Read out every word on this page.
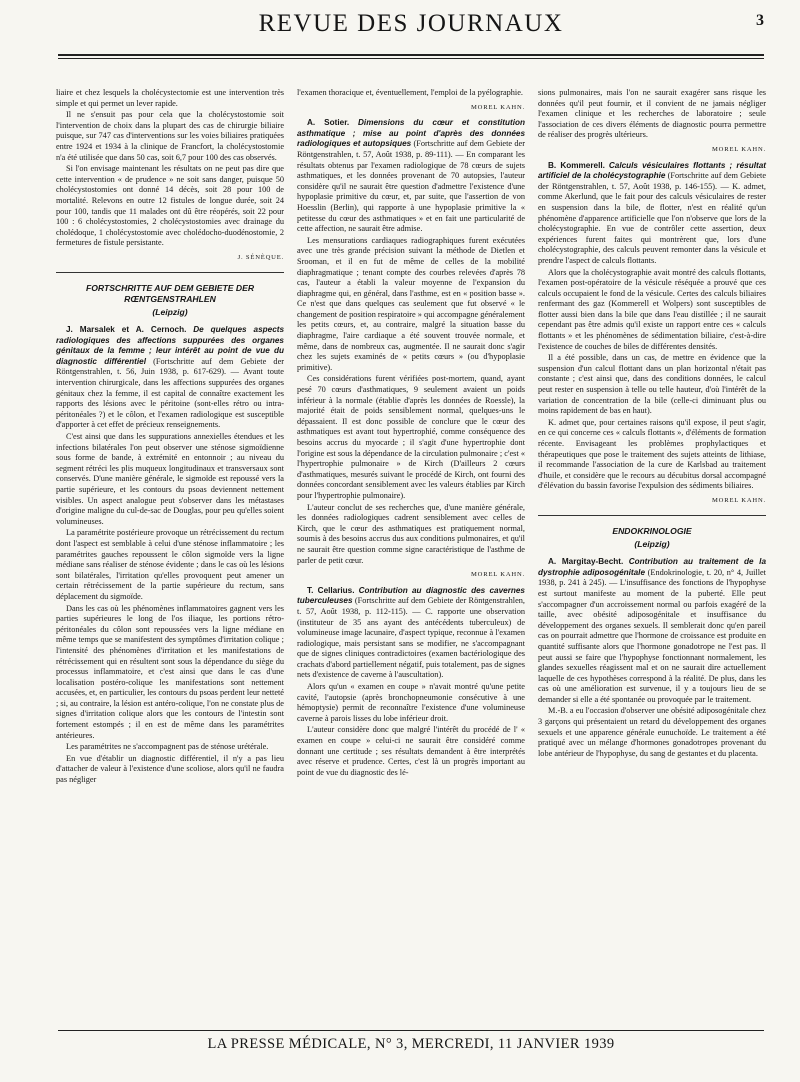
REVUE DES JOURNAUX	3

liaire et chez lesquels la cholécystectomie est une intervention très simple et qui permet un lever rapide.

Il ne s'ensuit pas pour cela que la cholécystostomie soit l'intervention de choix dans la plupart des cas de chirurgie biliaire puisque, sur 747 cas d'interventions sur les voies biliaires pratiquées entre 1924 et 1934 à la clinique de Francfort, la cholécystostomie n'a été utilisée que dans 50 cas, soit 6,7 pour 100 des cas observés.

Si l'on envisage maintenant les résultats on ne peut pas dire que cette intervention « de prudence » ne soit sans danger, puisque 50 cholécystostomies ont donné 14 décès, soit 28 pour 100 de mortalité. Relevons en outre 12 fistules de longue durée, soit 24 pour 100, tandis que 11 malades ont dû être réopérés, soit 22 pour 100 : 6 cholécystostomies, 2 cholécystostomies avec drainage du cholédoque, 1 cholécystostomie avec cholédocho-duodénostomie, 2 fermetures de fistule persistante.

J. SÉNÈQUE.
FORTSCHRITTE AUF DEM GEBIETE DER RŒNTGENSTRAHLEN
(Leipzig)

J. Marsalek et A. Cernoch. De quelques aspects radiologiques des affections suppurées des organes génitaux de la femme ; leur intérêt au point de vue du diagnostic différentiel (Fortschritte auf dem Gebiete der Röntgenstrahlen, t. 56, Juin 1938, p. 617-629). — Avant toute intervention chirurgicale, dans les affections suppurées des organes génitaux chez la femme, il est capital de connaître exactement les rapports des lésions avec le péritoine (sont-elles rétro ou intra-péritonéales ?) et le côlon, et l'examen radiologique est susceptible d'apporter à cet effet de précieux renseignements.

C'est ainsi que dans les suppurations annexielles étendues et les infections bilatérales l'on peut observer une sténose sigmoïdienne sous forme de bande, à extrémité en entonnoir ; au niveau du segment rétréci les plis muqueux longitudinaux et transversaux sont conservés. D'une manière générale, le sigmoïde est repoussé vers la partie supérieure, et les contours du psoas deviennent nettement visibles. Un aspect analogue peut s'observer dans les métastases d'origine maligne du cul-de-sac de Douglas, pour peu qu'elles soient volumineuses.

La paramétrite postérieure provoque un rétrécissement du rectum dont l'aspect est semblable à celui d'une sténose inflammatoire ; les paramétrites gauches repoussent le côlon sigmoïde vers la ligne médiane sans réaliser de sténose évidente ; dans le cas où les lésions sont bilatérales, l'irritation qu'elles provoquent peut amener un certain rétrécissement de la partie supérieure du rectum, sans déplacement du sigmoïde.

Dans les cas où les phénomènes inflammatoires gagnent vers les parties supérieures le long de l'os iliaque, les portions rétro-péritonéales du côlon sont repoussées vers la ligne médiane en même temps que se manifestent des symptômes d'irritation colique ; l'intensité des phénomènes d'irritation et les manifestations de rétrécissement qui en résultent sont sous la dépendance du siège du processus inflammatoire, et c'est ainsi que dans le cas d'une localisation postéro-colique les manifestations sont nettement accusées, et, en particulier, les contours du psoas perdent leur netteté ; si, au contraire, la lésion est antéro-colique, l'on ne constate plus de signes d'irritation colique alors que les contours de l'intestin sont fortement estompés ; il en est de même dans les paramétrites antérieures.

Les paramétrites ne s'accompagnent pas de sténose urétérale.

En vue d'établir un diagnostic différentiel, il n'y a pas lieu d'attacher de valeur à l'existence d'une scoliose, alors qu'il ne faudra pas négliger

l'examen thoracique et, éventuellement, l'emploi de la pyélographie.

MOREL KAHN.

A. Sotier. Dimensions du cœur et constitution asthmatique ; mise au point d'après des données radiologiques et autopsiques (Fortschritte auf dem Gebiete der Röntgenstrahlen, t. 57, Août 1938, p. 89-111). — En comparant les résultats obtenus par l'examen radiologique de 78 cœurs de sujets asthmatiques, et les données provenant de 70 autopsies, l'auteur considère qu'il ne saurait être question d'admettre l'existence d'une hypoplasie primitive du cœur, et, par suite, que l'assertion de von Hoesslin (Berlin), qui rapporte à une hypoplasie primitive la « petitesse du cœur des asthmatiques » et en fait une particularité de cette affection, ne saurait être admise.

Les mensurations cardiaques radiographiques furent exécutées avec une très grande précision suivant la méthode de Dietlen et Srooman, et il en fut de même de celles de la mobilité diaphragmatique ; tenant compte des courbes relevées d'après 78 cas, l'auteur a établi la valeur moyenne de l'expansion du diaphragme qui, en général, dans l'asthme, est en « position basse ». Ce n'est que dans quelques cas seulement que fut observé « le changement de position respiratoire » qui accompagne généralement les petits cœurs, et, au contraire, malgré la situation basse du diaphragme, l'aire cardiaque a été souvent trouvée normale, et même, dans de nombreux cas, augmentée. Il ne saurait donc s'agir chez les sujets examinés de « petits cœurs » (ou d'hypoplasie primitive).

Ces considérations furent vérifiées post-mortem, quand, ayant pesé 70 cœurs d'asthmatiques, 9 seulement avaient un poids inférieur à la normale (établie d'après les données de Roessle), la majorité était de poids sensiblement normal, quelques-uns le dépassaient. Il est donc possible de conclure que le cœur des asthmatiques est avant tout hypertrophié, comme conséquence des besoins accrus du myocarde ; il s'agit d'une hypertrophie dont l'origine est sous la dépendance de la circulation pulmonaire ; c'est « l'hypertrophie pulmonaire » de Kirch (D'ailleurs 2 cœurs d'asthmatiques, mesurés suivant le procédé de Kirch, ont fourni des données concordant sensiblement avec les valeurs établies par Kirch pour l'hypertrophie pulmonaire).

L'auteur conclut de ses recherches que, d'une manière générale, les données radiologiques cadrent sensiblement avec celles de Kirch, que le cœur des asthmatiques est pratiquement normal, soumis à des besoins accrus dus aux conditions pulmonaires, et qu'il ne saurait être question comme signe caractéristique de l'asthme de parler de petit cœur.

MOREL KAHN.

T. Cellarius. Contribution au diagnostic des cavernes tuberculeuses (Fortschritte auf dem Gebiete der Röntgenstrahlen, t. 57, Août 1938, p. 112-115). — C. rapporte une observation (instituteur de 35 ans ayant des antécédents tuberculeux) de volumineuse image lacunaire, d'aspect typique, reconnue à l'examen radiologique, mais persistant sans se modifier, ne s'accompagnant que de signes cliniques contradictoires (examen bactériologique des crachats d'abord partiellement négatif, puis totalement, pas de signes nets d'existence de caverne à l'auscultation).

Alors qu'un « examen en coupe » n'avait montré qu'une petite cavité, l'autopsie (après bronchopneumonie consécutive à une hémoptysie) permit de reconnaître l'existence d'une volumineuse caverne à parois lisses du lobe inférieur droit.

L'auteur considère donc que malgré l'intérêt du procédé de l' « examen en coupe » celui-ci ne saurait être considéré comme donnant une certitude ; ses résultats demandent à être interprétés avec réserve et prudence. Certes, c'est là un progrès important au point de vue du diagnostic des lé-

sions pulmonaires, mais l'on ne saurait exagérer sans risque les données qu'il peut fournir, et il convient de ne jamais négliger l'examen clinique et les recherches de laboratoire ; seule l'association de ces divers éléments de diagnostic pourra permettre de réaliser des progrès ultérieurs.

MOREL KAHN.

B. Kommerell. Calculs vésiculaires flottants ; résultat artificiel de la cholécystographie (Fortschritte auf dem Gebiete der Röntgenstrahlen, t. 57, Août 1938, p. 146-155). — K. admet, comme Akerlund, que le fait pour des calculs vésiculaires de rester en suspension dans la bile, de flotter, n'est en réalité qu'un phénomène d'apparence artificielle que l'on n'observe que lors de la cholécystographie. En vue de contrôler cette assertion, deux expériences furent faites qui montrèrent que, lors d'une cholécystographie, des calculs peuvent remonter dans la vésicule et prendre l'aspect de calculs flottants.

Alors que la cholécystographie avait montré des calculs flottants, l'examen post-opératoire de la vésicule réséquée a prouvé que ces calculs occupaient le fond de la vésicule. Certes des calculs biliaires renfermant des gaz (Kommerell et Wolpers) sont susceptibles de flotter aussi bien dans la bile que dans l'eau distillée ; il ne saurait cependant pas être admis qu'il existe un rapport entre ces « calculs flottants » et les phénomènes de sédimentation biliaire, c'est-à-dire l'existence de couches de biles de différentes densités.

Il a été possible, dans un cas, de mettre en évidence que la suspension d'un calcul flottant dans un plan horizontal n'était pas constante ; c'est ainsi que, dans des conditions données, le calcul peut rester en suspension à telle ou telle hauteur, d'où l'intérêt de la variation de concentration de la bile (celle-ci diminuant plus ou moins rapidement de bas en haut).

K. admet que, pour certaines raisons qu'il expose, il peut s'agir, en ce qui concerne ces « calculs flottants », d'éléments de formation récente. Envisageant les problèmes prophylactiques et thérapeutiques que pose le traitement des sujets atteints de lithiase, il recommande l'association de la cure de Karlsbad au traitement d'huile, et considère que le recours au décubitus dorsal accompagné d'élévation du bassin favorise l'expulsion des sédiments biliaires.

MOREL KAHN.
ENDOKRINOLOGIE
(Leipzig)

A. Margitay-Becht. Contribution au traitement de la dystrophie adiposogénitale (Endokrinologie, t. 20, n° 4, Juillet 1938, p. 241 à 245). — L'insuffisance des fonctions de l'hypophyse est surtout manifeste au moment de la puberté. Elle peut s'accompagner d'un accroissement normal ou parfois exagéré de la taille, avec obésité adiposogénitale et insuffisance du développement des organes sexuels. Il semblerait donc qu'en pareil cas on pourrait admettre que l'hormone de croissance est produite en quantité suffisante alors que l'hormone gonadotrope ne l'est pas. Il peut aussi se faire que l'hypophyse fonctionnant normalement, les glandes sexuelles réagissent mal et on ne saurait dire actuellement laquelle de ces hypothèses correspond à la réalité. De plus, dans les cas où une amélioration est survenue, il y a toujours lieu de se demander si elle a été spontanée ou provoquée par le traitement.

M.-B. a eu l'occasion d'observer une obésité adiposogénitale chez 3 garçons qui présentaient un retard du développement des organes sexuels et une apparence générale eunuchoïde. Le traitement a été pratiqué avec un mélange d'hormones gonadotropes provenant du lobe antérieur de l'hypophyse, du sang de gestantes et du placenta.

LA PRESSE MÉDICALE, N° 3, MERCREDI, 11 JANVIER 1939
